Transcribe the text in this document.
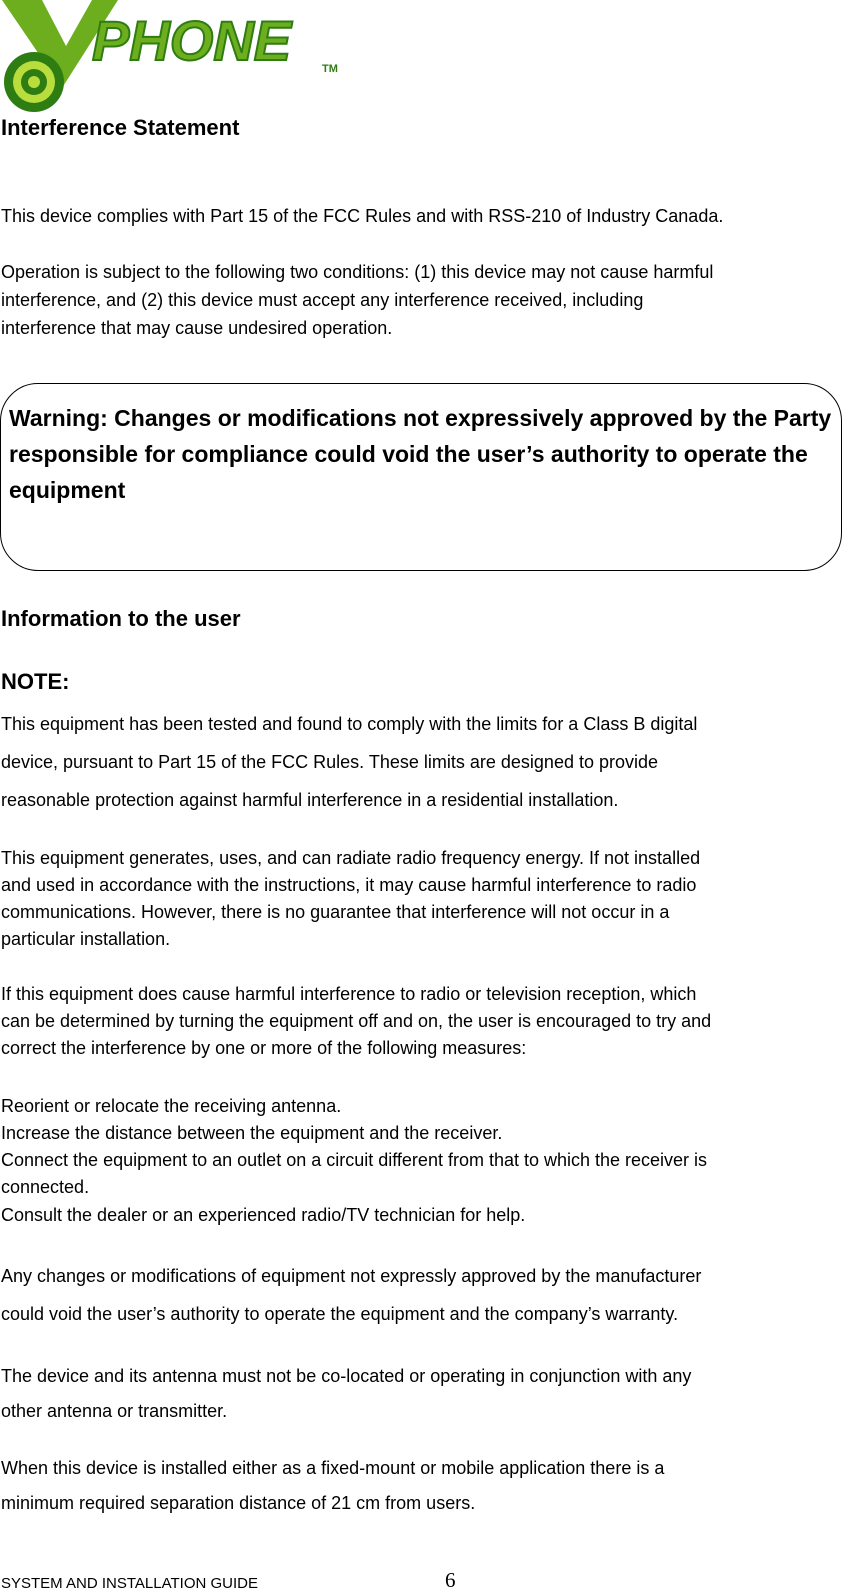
PHONE	TM
Interference Statement
This device complies with Part 15 of the FCC Rules and with RSS-210 of Industry Canada.
Operation is subject to the following two conditions: (1) this device may not cause harmful
interference, and (2) this device must accept any interference received, including
interference that may cause undesired operation.
Warning: Changes or modifications not expressively approved by the Party responsible for compliance could void the user’s authority to operate the equipment
Information to the user
NOTE:
This equipment has been tested and found to comply with the limits for a Class B digital
device, pursuant to Part 15 of the FCC Rules. These limits are designed to provide
reasonable protection against harmful interference in a residential installation.
This equipment generates, uses, and can radiate radio frequency energy. If not installed
and used in accordance with the instructions, it may cause harmful interference to radio
communications. However, there is no guarantee that interference will not occur in a
particular installation.
If this equipment does cause harmful interference to radio or television reception, which
can be determined by turning the equipment off and on, the user is encouraged to try and
correct the interference by one or more of the following measures:
Reorient or relocate the receiving antenna.
Increase the distance between the equipment and the receiver.
Connect the equipment to an outlet on a circuit different from that to which the receiver is
connected.
Consult the dealer or an experienced radio/TV technician for help.
Any changes or modifications of equipment not expressly approved by the manufacturer
could void the user’s authority to operate the equipment and the company’s warranty.
The device and its antenna must not be co-located or operating in conjunction with any
other antenna or transmitter.
When this device is installed either as a fixed-mount or mobile application there is a
minimum required separation distance of 21 cm from users.
SYSTEM AND INSTALLATION GUIDE	6
